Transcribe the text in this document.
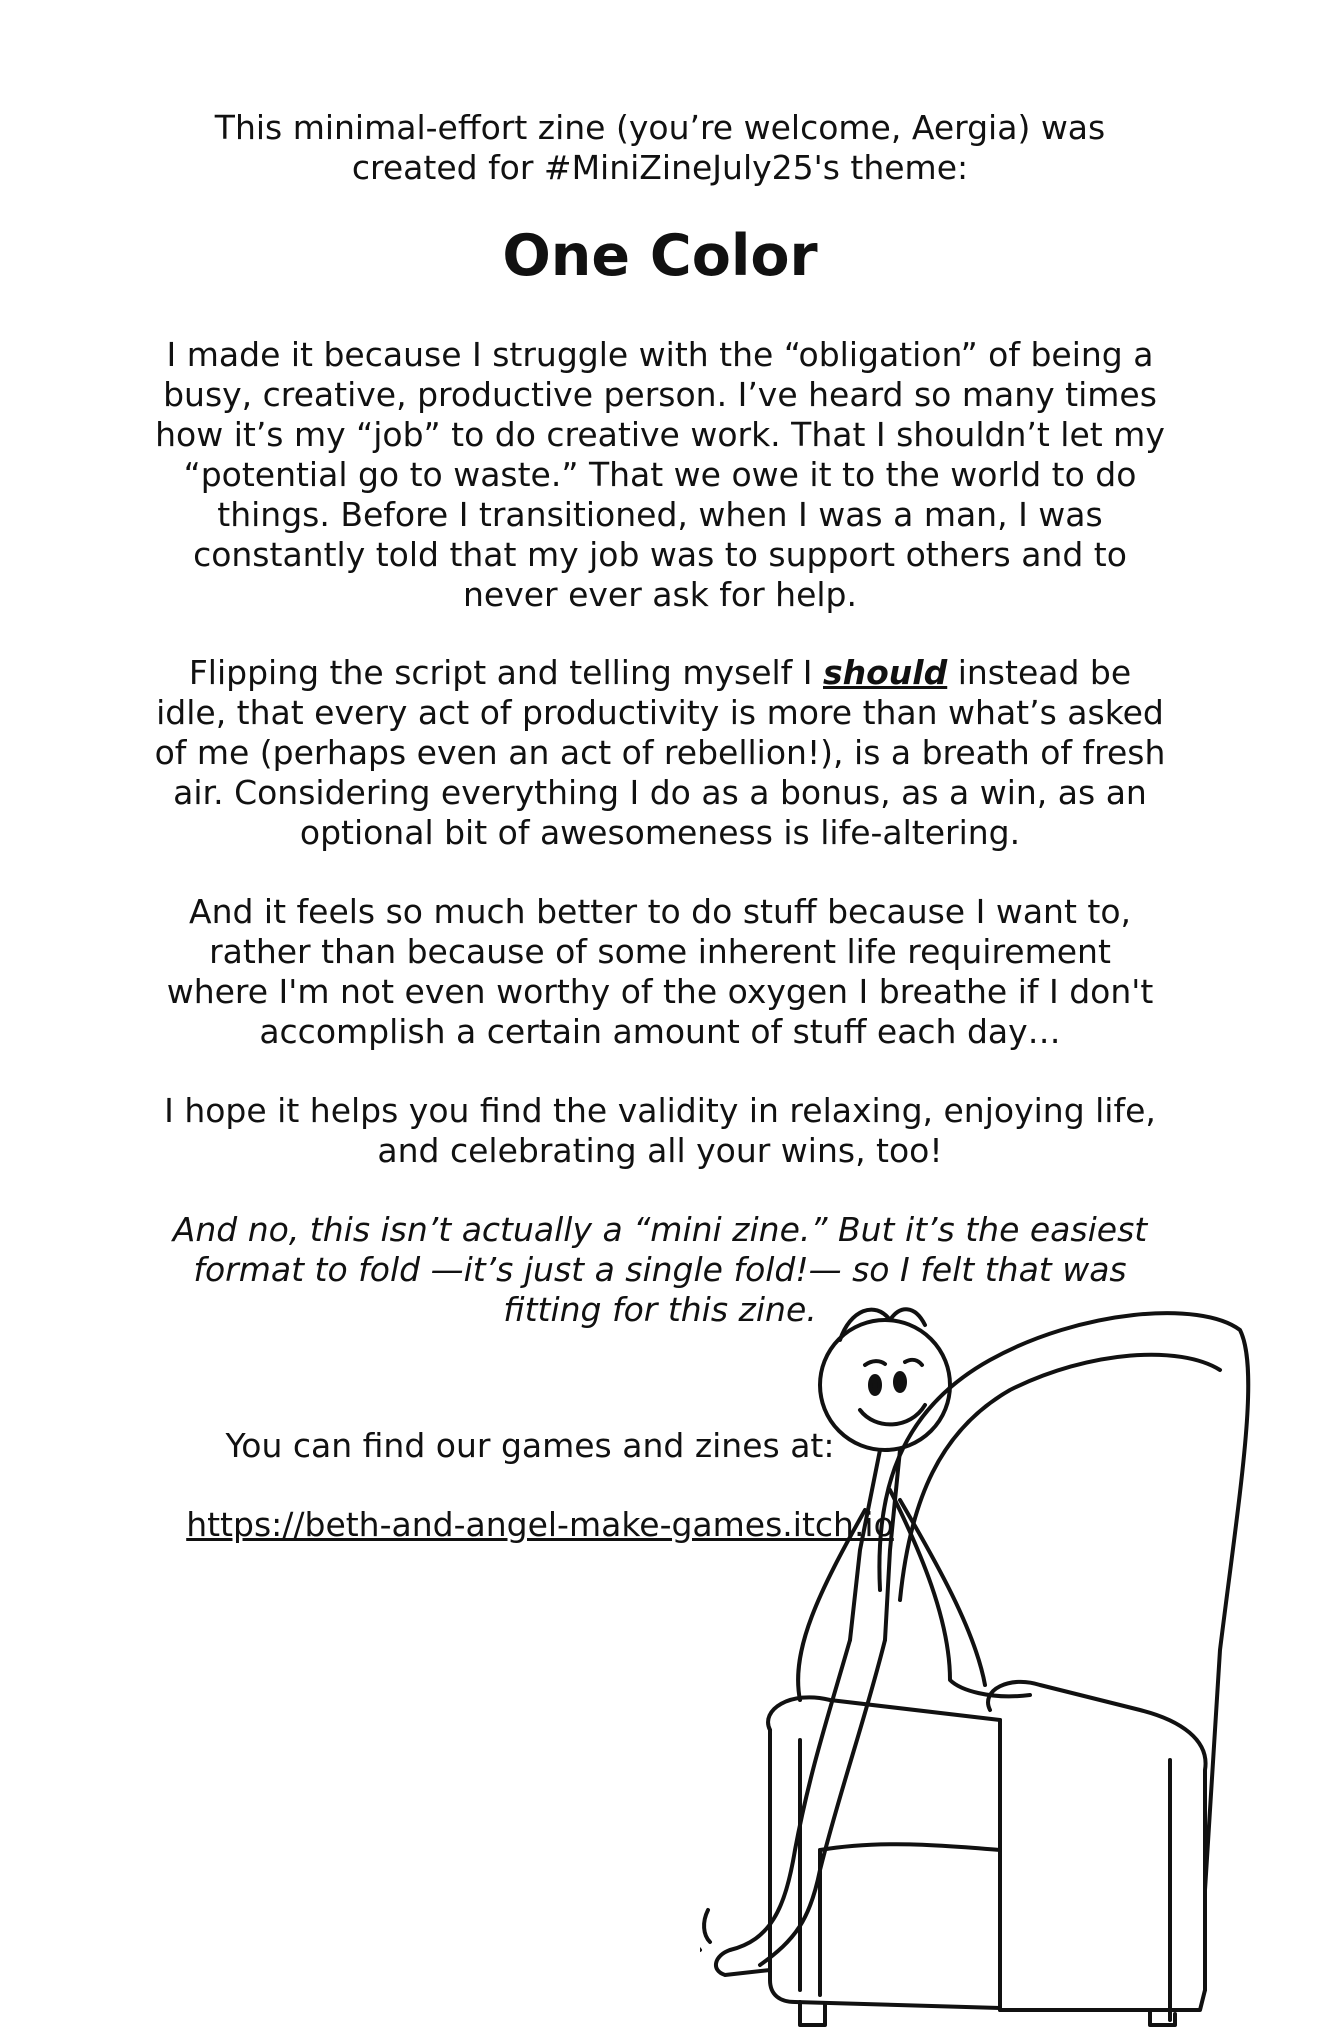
This minimal-effort zine (you’re welcome, Aergia) was
created for #MiniZineJuly25's theme:
One Color
I made it because I struggle with the “obligation” of being a
busy, creative, productive person. I’ve heard so many times
how it’s my “job” to do creative work. That I shouldn’t let my
“potential go to waste.” That we owe it to the world to do
things. Before I transitioned, when I was a man, I was
constantly told that my job was to support others and to
never ever ask for help.
Flipping the script and telling myself I should instead be
idle, that every act of productivity is more than what’s asked
of me (perhaps even an act of rebellion!), is a breath of fresh
air. Considering everything I do as a bonus, as a win, as an
optional bit of awesomeness is life-altering.
And it feels so much better to do stuff because I want to,
rather than because of some inherent life requirement
where I'm not even worthy of the oxygen I breathe if I don't
accomplish a certain amount of stuff each day…
I hope it helps you find the validity in relaxing, enjoying life,
and celebrating all your wins, too!
And no, this isn’t actually a “mini zine.” But it’s the easiest
format to fold —it’s just a single fold!— so I felt that was
fitting for this zine.
You can find our games and zines at:
https://beth-and-angel-make-games.itch.io
